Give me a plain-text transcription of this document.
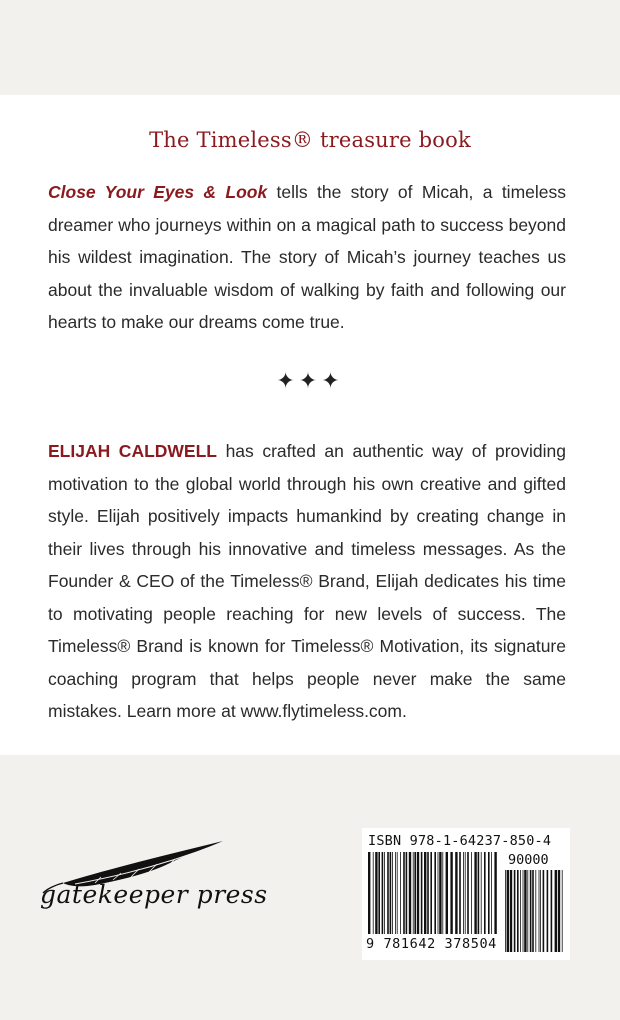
The Timeless® treasure book
Close Your Eyes & Look tells the story of Micah, a timeless dreamer who journeys within on a magical path to success beyond his wildest imagination. The story of Micah’s journey teaches us about the invaluable wisdom of walking by faith and following our hearts to make our dreams come true.
✦✦✦
ELIJAH CALDWELL has crafted an authentic way of providing motivation to the global world through his own creative and gifted style. Elijah positively impacts humankind by creating change in their lives through his innovative and timeless messages. As the Founder & CEO of the Timeless® Brand, Elijah dedicates his time to motivating people reaching for new levels of success. The Timeless® Brand is known for Timeless® Motivation, its signature coaching program that helps people never make the same mistakes. Learn more at www.flytimeless.com.
gatekeeper press
ISBN 978-1-64237-850-4
90000
9 781642 378504
